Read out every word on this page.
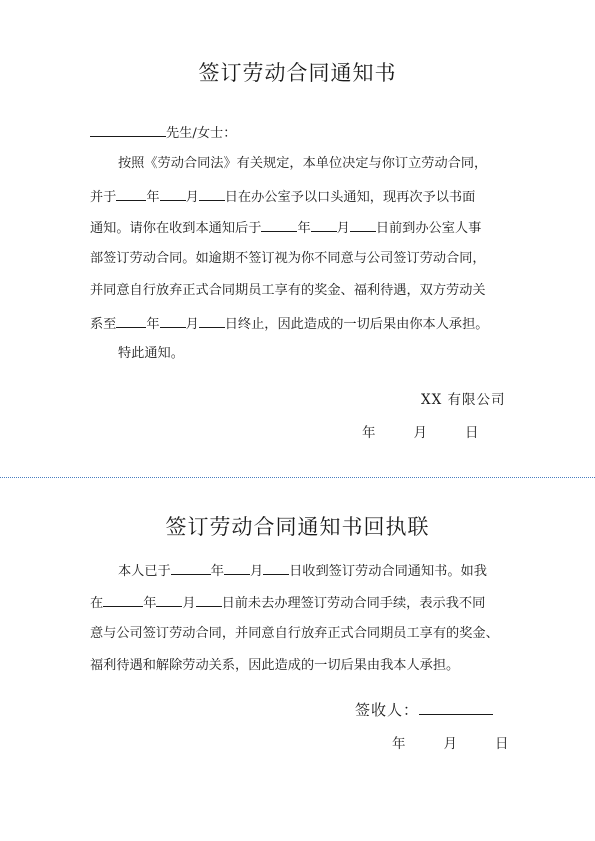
签订劳动合同通知书
先生/女士：
按照《劳动合同法》有关规定，本单位决定与你订立劳动合同，
并于 年 月 日在办公室予以口头通知，现再次予以书面
通知。请你在收到本通知后于	年 月 日前到办公室人事
部签订劳动合同。如逾期不签订视为你不同意与公司签订劳动合同，
并同意自行放弃正式合同期员工享有的奖金、福利待遇，双方劳动关
系至 年 月 日终止，因此造成的一切后果由你本人承担。
特此通知。
XX 有限公司
年	月	日
签订劳动合同通知书回执联
本人已于	年 月 日收到签订劳动合同通知书。如我
在	年 月 日前未去办理签订劳动合同手续，表示我不同
意与公司签订劳动合同，并同意自行放弃正式合同期员工享有的奖金、
福利待遇和解除劳动关系，因此造成的一切后果由我本人承担。
签收人：
年	月	日
